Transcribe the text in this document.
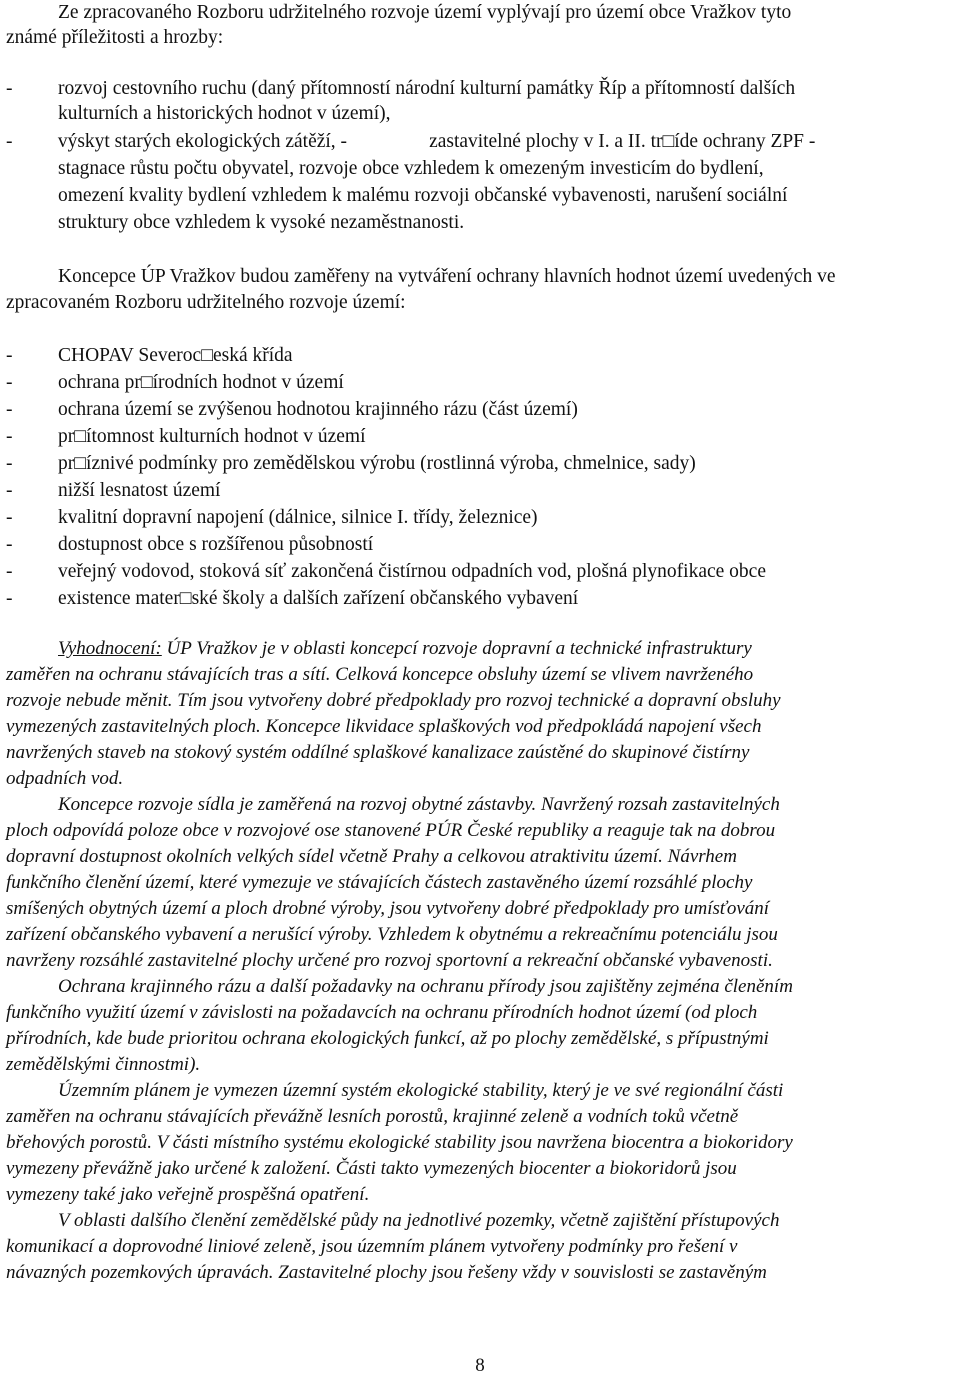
Ze zpracovaného Rozboru udržitelného rozvoje území vyplývají pro území obce Vražkov tyto
známé příležitosti a hrozby:
- rozvoj cestovního ruchu (daný přítomností národní kulturní památky Říp a přítomností dalších
kulturních a historických hodnot v území),
- výskyt starých ekologických zátěží, -	zastavitelné plochy v I. a II. tr□íde ochrany ZPF -
stagnace růstu počtu obyvatel, rozvoje obce vzhledem k omezeným investicím do bydlení,
omezení kvality bydlení vzhledem k malému rozvoji občanské vybavenosti, narušení sociální
struktury obce vzhledem k vysoké nezaměstnanosti.
Koncepce ÚP Vražkov budou zaměřeny na vytváření ochrany hlavních hodnot území uvedených ve
zpracovaném Rozboru udržitelného rozvoje území:
- CHOPAV Severoc□eská křída
- ochrana pr□írodních hodnot v území
- ochrana území se zvýšenou hodnotou krajinného rázu (část území)
- pr□ítomnost kulturních hodnot v území
- pr□íznivé podmínky pro zemědělskou výrobu (rostlinná výroba, chmelnice, sady)
- nižší lesnatost území
- kvalitní dopravní napojení (dálnice, silnice I. třídy, železnice)
- dostupnost obce s rozšířenou působností
- veřejný vodovod, stoková síť zakončená čistírnou odpadních vod, plošná plynofikace obce
- existence mater□ské školy a dalších zařízení občanského vybavení
Vyhodnocení: ÚP Vražkov je v oblasti koncepcí rozvoje dopravní a technické infrastruktury
zaměřen na ochranu stávajících tras a sítí. Celková koncepce obsluhy území se vlivem navrženého
rozvoje nebude měnit. Tím jsou vytvořeny dobré předpoklady pro rozvoj technické a dopravní obsluhy
vymezených zastavitelných ploch. Koncepce likvidace splaškových vod předpokládá napojení všech
navržených staveb na stokový systém oddílné splaškové kanalizace zaústěné do skupinové čistírny
odpadních vod.
Koncepce rozvoje sídla je zaměřená na rozvoj obytné zástavby. Navržený rozsah zastavitelných
ploch odpovídá poloze obce v rozvojové ose stanovené PÚR České republiky a reaguje tak na dobrou
dopravní dostupnost okolních velkých sídel včetně Prahy a celkovou atraktivitu území. Návrhem
funkčního členění území, které vymezuje ve stávajících částech zastavěného území rozsáhlé plochy
smíšených obytných území a ploch drobné výroby, jsou vytvořeny dobré předpoklady pro umísťování
zařízení občanského vybavení a nerušící výroby. Vzhledem k obytnému a rekreačnímu potenciálu jsou
navrženy rozsáhlé zastavitelné plochy určené pro rozvoj sportovní a rekreační občanské vybavenosti.
Ochrana krajinného rázu a další požadavky na ochranu přírody jsou zajištěny zejména členěním
funkčního využití území v závislosti na požadavcích na ochranu přírodních hodnot území (od ploch
přírodních, kde bude prioritou ochrana ekologických funkcí, až po plochy zemědělské, s přípustnými
zemědělskými činnostmi).
Územním plánem je vymezen územní systém ekologické stability, který je ve své regionální části
zaměřen na ochranu stávajících převážně lesních porostů, krajinné zeleně a vodních toků včetně
břehových porostů. V části místního systému ekologické stability jsou navržena biocentra a biokoridory
vymezeny převážně jako určené k založení. Části takto vymezených biocenter a biokoridorů jsou
vymezeny také jako veřejně prospěšná opatření.
V oblasti dalšího členění zemědělské půdy na jednotlivé pozemky, včetně zajištění přístupových
komunikací a doprovodné liniové zeleně, jsou územním plánem vytvořeny podmínky pro řešení v
návazných pozemkových úpravách. Zastavitelné plochy jsou řešeny vždy v souvislosti se zastavěným
8
